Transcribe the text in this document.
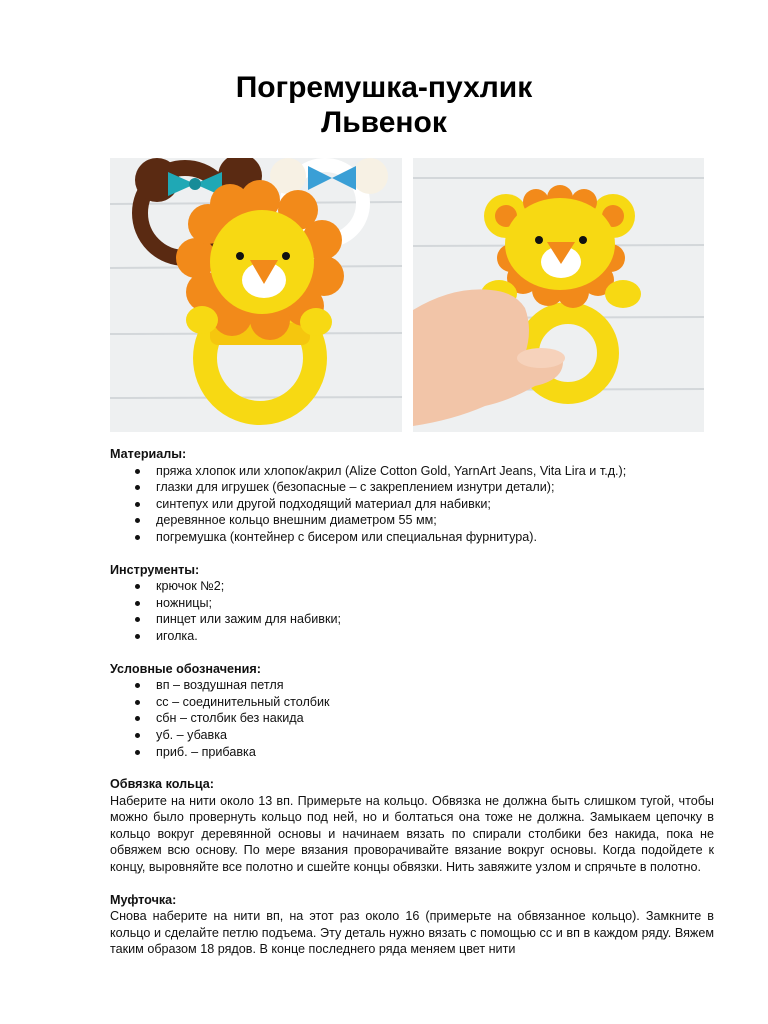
Погремушка-пухлик
Львенок
Материалы:
пряжа хлопок или хлопок/акрил (Alize Cotton Gold, YarnArt Jeans, Vita Lira и т.д.);
глазки для игрушек (безопасные – с закреплением изнутри детали);
синтепух или другой подходящий материал для набивки;
деревянное кольцо внешним диаметром 55 мм;
погремушка (контейнер с бисером или специальная фурнитура).
Инструменты:
крючок №2;
ножницы;
пинцет или зажим для набивки;
иголка.
Условные обозначения:
вп – воздушная петля
сс – соединительный столбик
сбн – столбик без накида
уб. – убавка
приб. – прибавка
Обвязка кольца:

Наберите на нити около 13 вп. Примерьте на кольцо. Обвязка не должна быть слишком тугой, чтобы можно было провернуть кольцо под ней, но и болтаться она тоже не должна. Замыкаем цепочку в кольцо вокруг деревянной основы и начинаем вязать по спирали столбики без накида, пока не обвяжем всю основу. По мере вязания проворачивайте вязание вокруг основы. Когда подойдете к концу, выровняйте все полотно и сшейте концы обвязки. Нить завяжите узлом и спрячьте в полотно.

Муфточка:

Снова наберите на нити вп, на этот раз около 16 (примерьте на обвязанное кольцо). Замкните в кольцо и сделайте петлю подъема. Эту деталь нужно вязать с помощью сс и вп в каждом ряду. Вяжем таким образом 18 рядов. В конце последнего ряда меняем цвет нити
